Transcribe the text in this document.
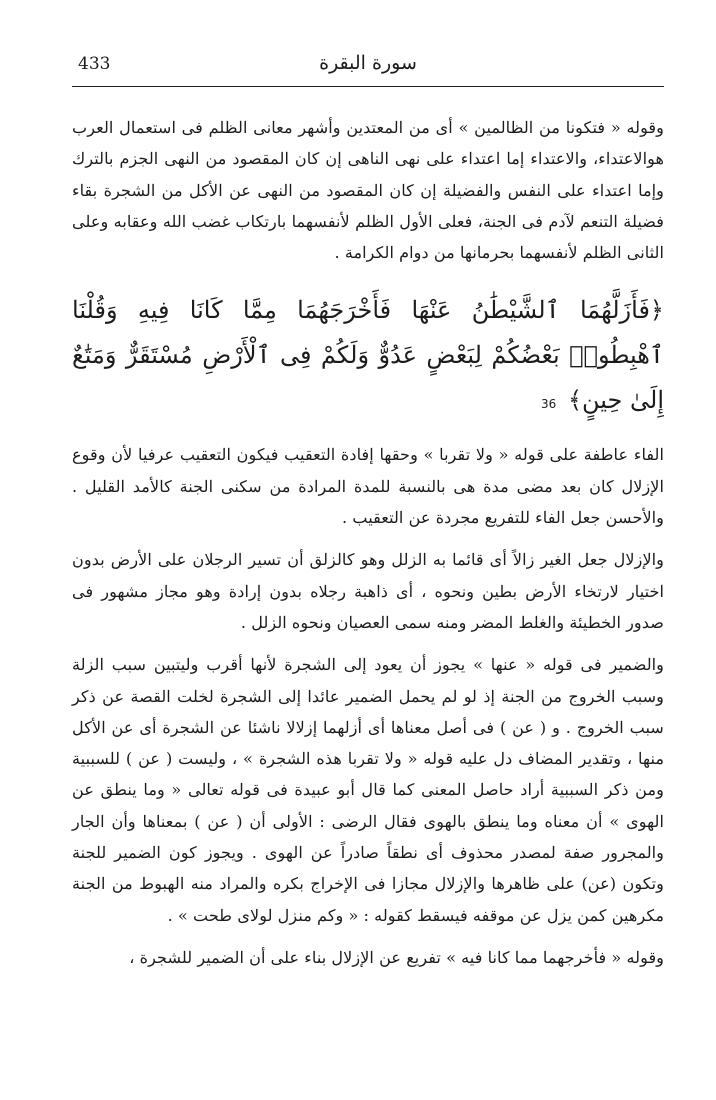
433	سورة البقرة

وقوله « فتكونا من الظالمين » أى من المعتدين وأشهر معانى الظلم فى استعمال العرب هوالاعتداء، والاعتداء إما اعتداء على نهى الناهى إن كان المقصود من النهى الجزم بالترك وإما اعتداء على النفس والفضيلة إن كان المقصود من النهى عن الأكل من الشجرة بقاء فضيلة التنعم لآدم فى الجنة، فعلى الأول الظلم لأنفسهما بارتكاب غضب الله وعقابه وعلى الثانى الظلم لأنفسهما بحرمانها من دوام الكرامة .

﴿فَأَزَلَّهُمَا ٱلشَّيْطَٰنُ عَنْهَا فَأَخْرَجَهُمَا مِمَّا كَانَا فِيهِ وَقُلْنَا ٱهْبِطُوا۟ بَعْضُكُمْ لِبَعْضٍ عَدُوٌّ وَلَكُمْ فِى ٱلْأَرْضِ مُسْتَقَرٌّ وَمَتَٰعٌ إِلَىٰ حِينٍ﴾ 36

الفاء عاطفة على قوله « ولا تقربا » وحقها إفادة التعقيب فيكون التعقيب عرفيا لأن وقوع الإزلال كان بعد مضى مدة هى بالنسبة للمدة المرادة من سكنى الجنة كالأمد القليل . والأحسن جعل الفاء للتفريع مجردة عن التعقيب .

والإزلال جعل الغير زالاً أى قائما به الزلل وهو كالزلق أن تسير الرجلان على الأرض بدون اختيار لارتخاء الأرض بطين ونحوه ، أى ذاهبة رجلاه بدون إرادة وهو مجاز مشهور فى صدور الخطيئة والغلط المضر ومنه سمى العصيان ونحوه الزلل .

والضمير فى قوله « عنها » يجوز أن يعود إلى الشجرة لأنها أقرب وليتبين سبب الزلة وسبب الخروج من الجنة إذ لو لم يحمل الضمير عائدا إلى الشجرة لخلت القصة عن ذكر سبب الخروج . و ( عن ) فى أصل معناها أى أزلهما إزلالا ناشئا عن الشجرة أى عن الأكل منها ، وتقدير المضاف دل عليه قوله « ولا تقربا هذه الشجرة » ، وليست ( عن ) للسببية ومن ذكر السببية أراد حاصل المعنى كما قال أبو عبيدة فى قوله تعالى « وما ينطق عن الهوى » أن معناه وما ينطق بالهوى فقال الرضى : الأولى أن ( عن ) بمعناها وأن الجار والمجرور صفة لمصدر محذوف أى نطقاً صادراً عن الهوى . ويجوز كون الضمير للجنة وتكون (عن) على ظاهرها والإزلال مجازا فى الإخراج بكره والمراد منه الهبوط من الجنة مكرهين كمن يزل عن موقفه فيسقط كقوله : « وكم منزل لولاى طحت » .

وقوله « فأخرجهما مما كانا فيه » تفريع عن الإزلال بناء على أن الضمير للشجرة ،
